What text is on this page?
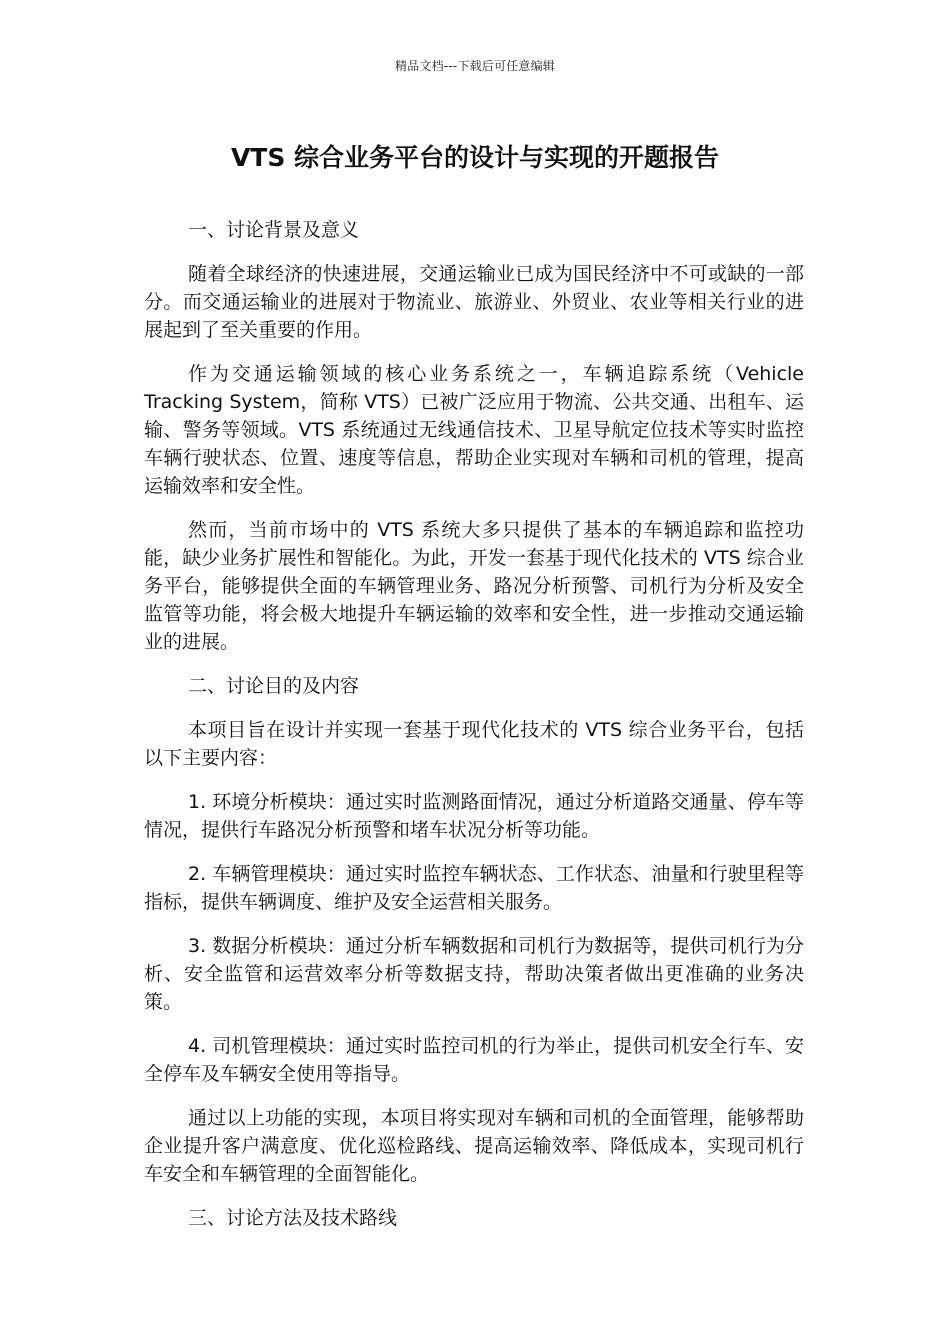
精品文档---下载后可任意编辑
VTS 综合业务平台的设计与实现的开题报告

一、讨论背景及意义

随着全球经济的快速进展，交通运输业已成为国民经济中不可或缺的一部分。而交通运输业的进展对于物流业、旅游业、外贸业、农业等相关行业的进展起到了至关重要的作用。

作为交通运输领域的核心业务系统之一，车辆追踪系统（Vehicle Tracking System，简称 VTS）已被广泛应用于物流、公共交通、出租车、运输、警务等领域。VTS 系统通过无线通信技术、卫星导航定位技术等实时监控车辆行驶状态、位置、速度等信息，帮助企业实现对车辆和司机的管理，提高运输效率和安全性。

然而，当前市场中的 VTS 系统大多只提供了基本的车辆追踪和监控功能，缺少业务扩展性和智能化。为此，开发一套基于现代化技术的 VTS 综合业务平台，能够提供全面的车辆管理业务、路况分析预警、司机行为分析及安全监管等功能，将会极大地提升车辆运输的效率和安全性，进一步推动交通运输业的进展。

二、讨论目的及内容

本项目旨在设计并实现一套基于现代化技术的 VTS 综合业务平台，包括以下主要内容：

1. 环境分析模块：通过实时监测路面情况，通过分析道路交通量、停车等情况，提供行车路况分析预警和堵车状况分析等功能。

2. 车辆管理模块：通过实时监控车辆状态、工作状态、油量和行驶里程等指标，提供车辆调度、维护及安全运营相关服务。

3. 数据分析模块：通过分析车辆数据和司机行为数据等，提供司机行为分析、安全监管和运营效率分析等数据支持，帮助决策者做出更准确的业务决策。

4. 司机管理模块：通过实时监控司机的行为举止，提供司机安全行车、安全停车及车辆安全使用等指导。

通过以上功能的实现，本项目将实现对车辆和司机的全面管理，能够帮助企业提升客户满意度、优化巡检路线、提高运输效率、降低成本，实现司机行车安全和车辆管理的全面智能化。

三、讨论方法及技术路线
